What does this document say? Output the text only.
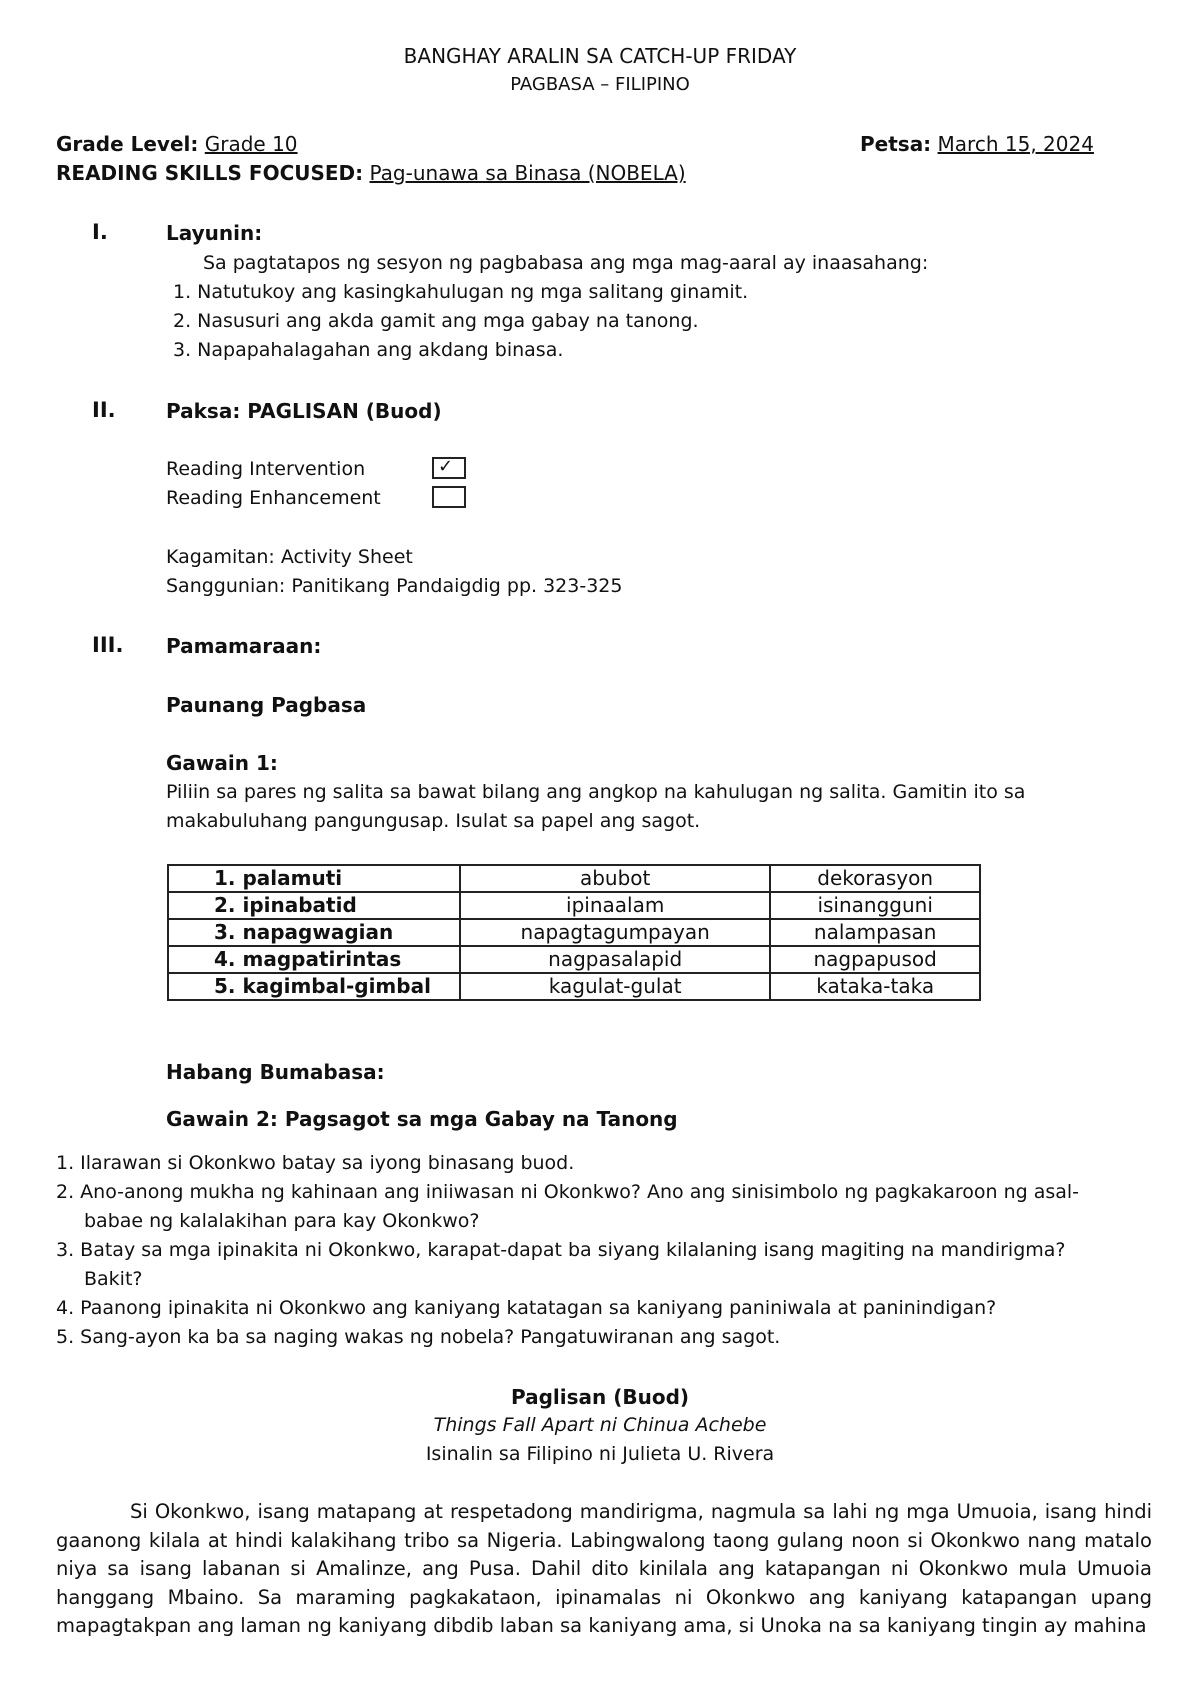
BANGHAY ARALIN SA CATCH-UP FRIDAY
PAGBASA – FILIPINO
Grade Level: Grade 10	Petsa: March 15, 2024
READING SKILLS FOCUSED: Pag-unawa sa Binasa (NOBELA)
I.	Layunin:
Sa pagtatapos ng sesyon ng pagbabasa ang mga mag-aaral ay inaasahang:
1. Natutukoy ang kasingkahulugan ng mga salitang ginamit.
2. Nasusuri ang akda gamit ang mga gabay na tanong.
3. Napapahalagahan ang akdang binasa.
II.	Paksa: PAGLISAN (Buod)
Reading Intervention	✓
Reading Enhancement
Kagamitan: Activity Sheet
Sanggunian: Panitikang Pandaigdig pp. 323-325
III. Pamamaraan:
Paunang Pagbasa
Gawain 1:
Piliin sa pares ng salita sa bawat bilang ang angkop na kahulugan ng salita. Gamitin ito sa
makabuluhang pangungusap. Isulat sa papel ang sagot.
1. palamuti	abubot	dekorasyon
2. ipinabatid	ipinaalam	isinangguni
3. napagwagian	napagtagumpayan	nalampasan
4. magpatirintas	nagpasalapid	nagpapusod
5. kagimbal-gimbal	kagulat-gulat	kataka-taka
Habang Bumabasa:
Gawain 2: Pagsagot sa mga Gabay na Tanong
1. Ilarawan si Okonkwo batay sa iyong binasang buod.
2. Ano-anong mukha ng kahinaan ang iniiwasan ni Okonkwo? Ano ang sinisimbolo ng pagkakaroon ng asal-
babae ng kalalakihan para kay Okonkwo?
3. Batay sa mga ipinakita ni Okonkwo, karapat-dapat ba siyang kilalaning isang magiting na mandirigma?
Bakit?
4. Paanong ipinakita ni Okonkwo ang kaniyang katatagan sa kaniyang paniniwala at paninindigan?
5. Sang-ayon ka ba sa naging wakas ng nobela? Pangatuwiranan ang sagot.
Paglisan (Buod)
Things Fall Apart ni Chinua Achebe
Isinalin sa Filipino ni Julieta U. Rivera
Si Okonkwo, isang matapang at respetadong mandirigma, nagmula sa lahi ng mga Umuoia, isang hindi gaanong kilala at hindi kalakihang tribo sa Nigeria. Labingwalong taong gulang noon si Okonkwo nang matalo niya sa isang labanan si Amalinze, ang Pusa. Dahil dito kinilala ang katapangan ni Okonkwo mula Umuoia hanggang Mbaino. Sa maraming pagkakataon, ipinamalas ni Okonkwo ang kaniyang katapangan upang mapagtakpan ang laman ng kaniyang dibdib laban sa kaniyang ama, si Unoka na sa kaniyang tingin ay mahina
